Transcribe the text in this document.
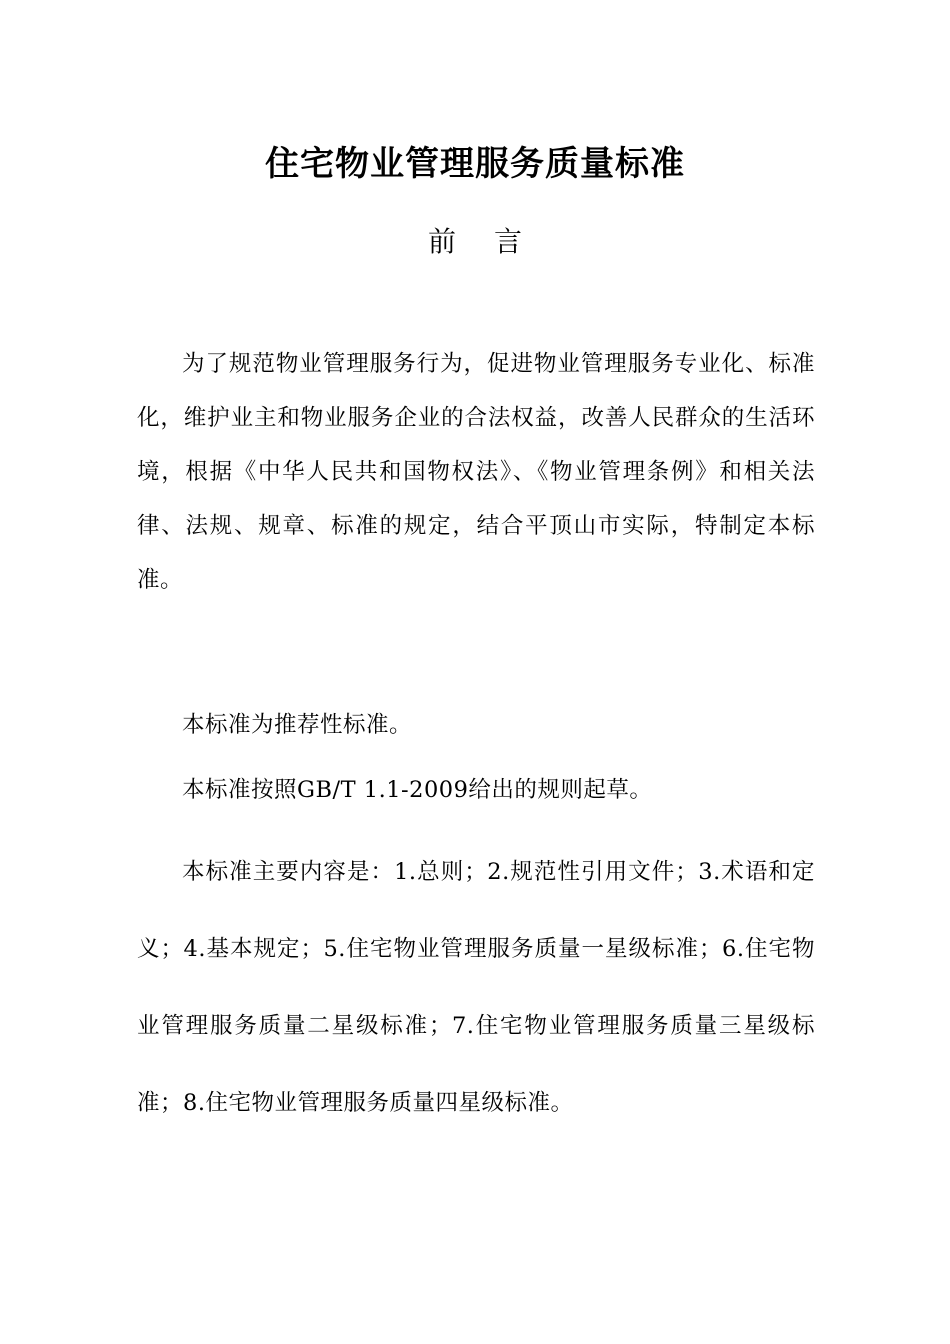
住宅物业管理服务质量标准
前言

为了规范物业管理服务行为，促进物业管理服务专业化、标准化，维护业主和物业服务企业的合法权益，改善人民群众的生活环境，根据《中华人民共和国物权法》、《物业管理条例》和相关法律、法规、规章、标准的规定，结合平顶山市实际，特制定本标准。

本标准为推荐性标准。

本标准按照GB/T 1.1-2009给出的规则起草。

本标准主要内容是：1.总则；2.规范性引用文件；3.术语和定义；4.基本规定；5.住宅物业管理服务质量一星级标准；6.住宅物业管理服务质量二星级标准；7.住宅物业管理服务质量三星级标准；8.住宅物业管理服务质量四星级标准。
